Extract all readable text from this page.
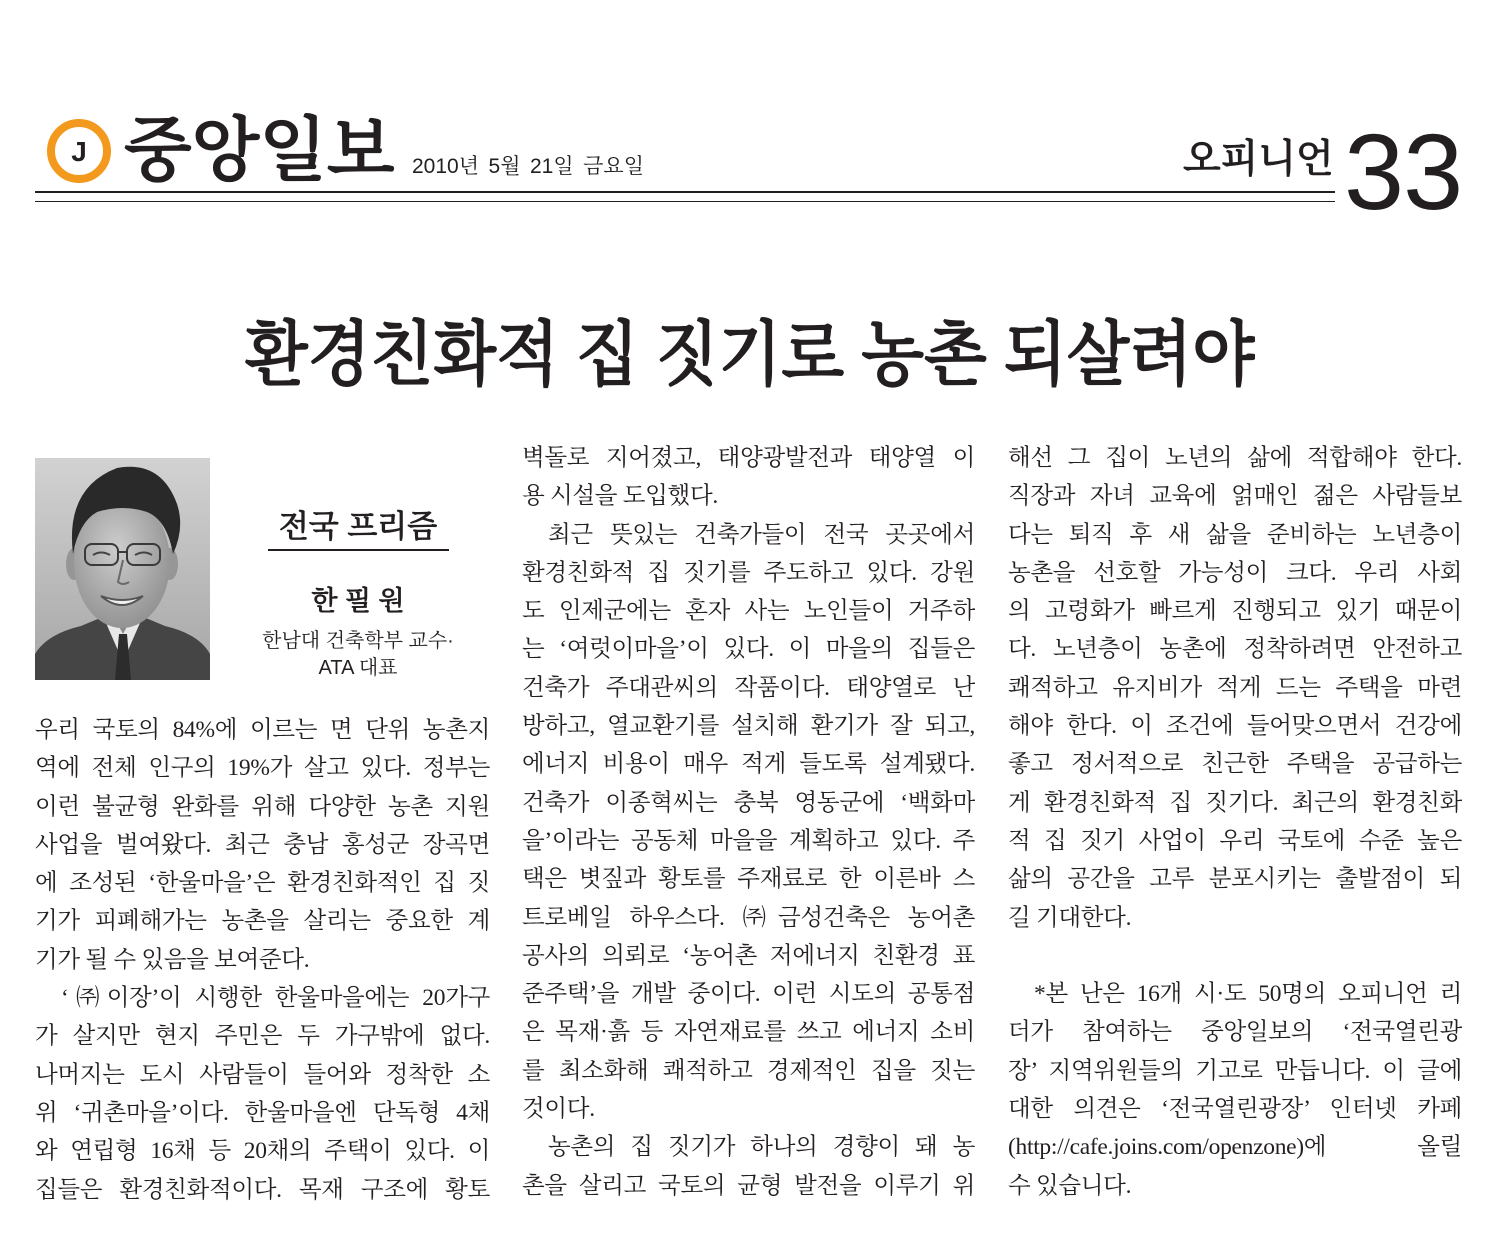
J 중앙일보 2010년 5월 21일 금요일	오피니언 33
환경친화적 집 짓기로 농촌 되살려야
전국 프리즘
한 필 원
한남대 건축학부 교수·
ATA 대표
우리 국토의 84%에 이르는 면 단위 농촌지
역에 전체 인구의 19%가 살고 있다. 정부는
이런 불균형 완화를 위해 다양한 농촌 지원
사업을 벌여왔다. 최근 충남 홍성군 장곡면
에 조성된 ‘한울마을’은 환경친화적인 집 짓
기가 피폐해가는 농촌을 살리는 중요한 계
기가 될 수 있음을 보여준다.
‘㈜이장’이 시행한 한울마을에는 20가구
가 살지만 현지 주민은 두 가구밖에 없다.
나머지는 도시 사람들이 들어와 정착한 소
위 ‘귀촌마을’이다. 한울마을엔 단독형 4채
와 연립형 16채 등 20채의 주택이 있다. 이
집들은 환경친화적이다. 목재 구조에 황토
벽돌로 지어졌고, 태양광발전과 태양열 이
용 시설을 도입했다.
최근 뜻있는 건축가들이 전국 곳곳에서
환경친화적 집 짓기를 주도하고 있다. 강원
도 인제군에는 혼자 사는 노인들이 거주하
는 ‘여럿이마을’이 있다. 이 마을의 집들은
건축가 주대관씨의 작품이다. 태양열로 난
방하고, 열교환기를 설치해 환기가 잘 되고,
에너지 비용이 매우 적게 들도록 설계됐다.
건축가 이종혁씨는 충북 영동군에 ‘백화마
을’이라는 공동체 마을을 계획하고 있다. 주
택은 볏짚과 황토를 주재료로 한 이른바 스
트로베일 하우스다. ㈜금성건축은 농어촌
공사의 의뢰로 ‘농어촌 저에너지 친환경 표
준주택’을 개발 중이다. 이런 시도의 공통점
은 목재·흙 등 자연재료를 쓰고 에너지 소비
를 최소화해 쾌적하고 경제적인 집을 짓는
것이다.
농촌의 집 짓기가 하나의 경향이 돼 농
촌을 살리고 국토의 균형 발전을 이루기 위
해선 그 집이 노년의 삶에 적합해야 한다.
직장과 자녀 교육에 얽매인 젊은 사람들보
다는 퇴직 후 새 삶을 준비하는 노년층이
농촌을 선호할 가능성이 크다. 우리 사회
의 고령화가 빠르게 진행되고 있기 때문이
다. 노년층이 농촌에 정착하려면 안전하고
쾌적하고 유지비가 적게 드는 주택을 마련
해야 한다. 이 조건에 들어맞으면서 건강에
좋고 정서적으로 친근한 주택을 공급하는
게 환경친화적 집 짓기다. 최근의 환경친화
적 집 짓기 사업이 우리 국토에 수준 높은
삶의 공간을 고루 분포시키는 출발점이 되
길 기대한다.
*본 난은 16개 시·도 50명의 오피니언 리
더가 참여하는 중앙일보의 ‘전국열린광
장’ 지역위원들의 기고로 만듭니다. 이 글에
대한 의견은 ‘전국열린광장’ 인터넷 카페
(http://cafe.joins.com/openzone)에 올릴
수 있습니다.
